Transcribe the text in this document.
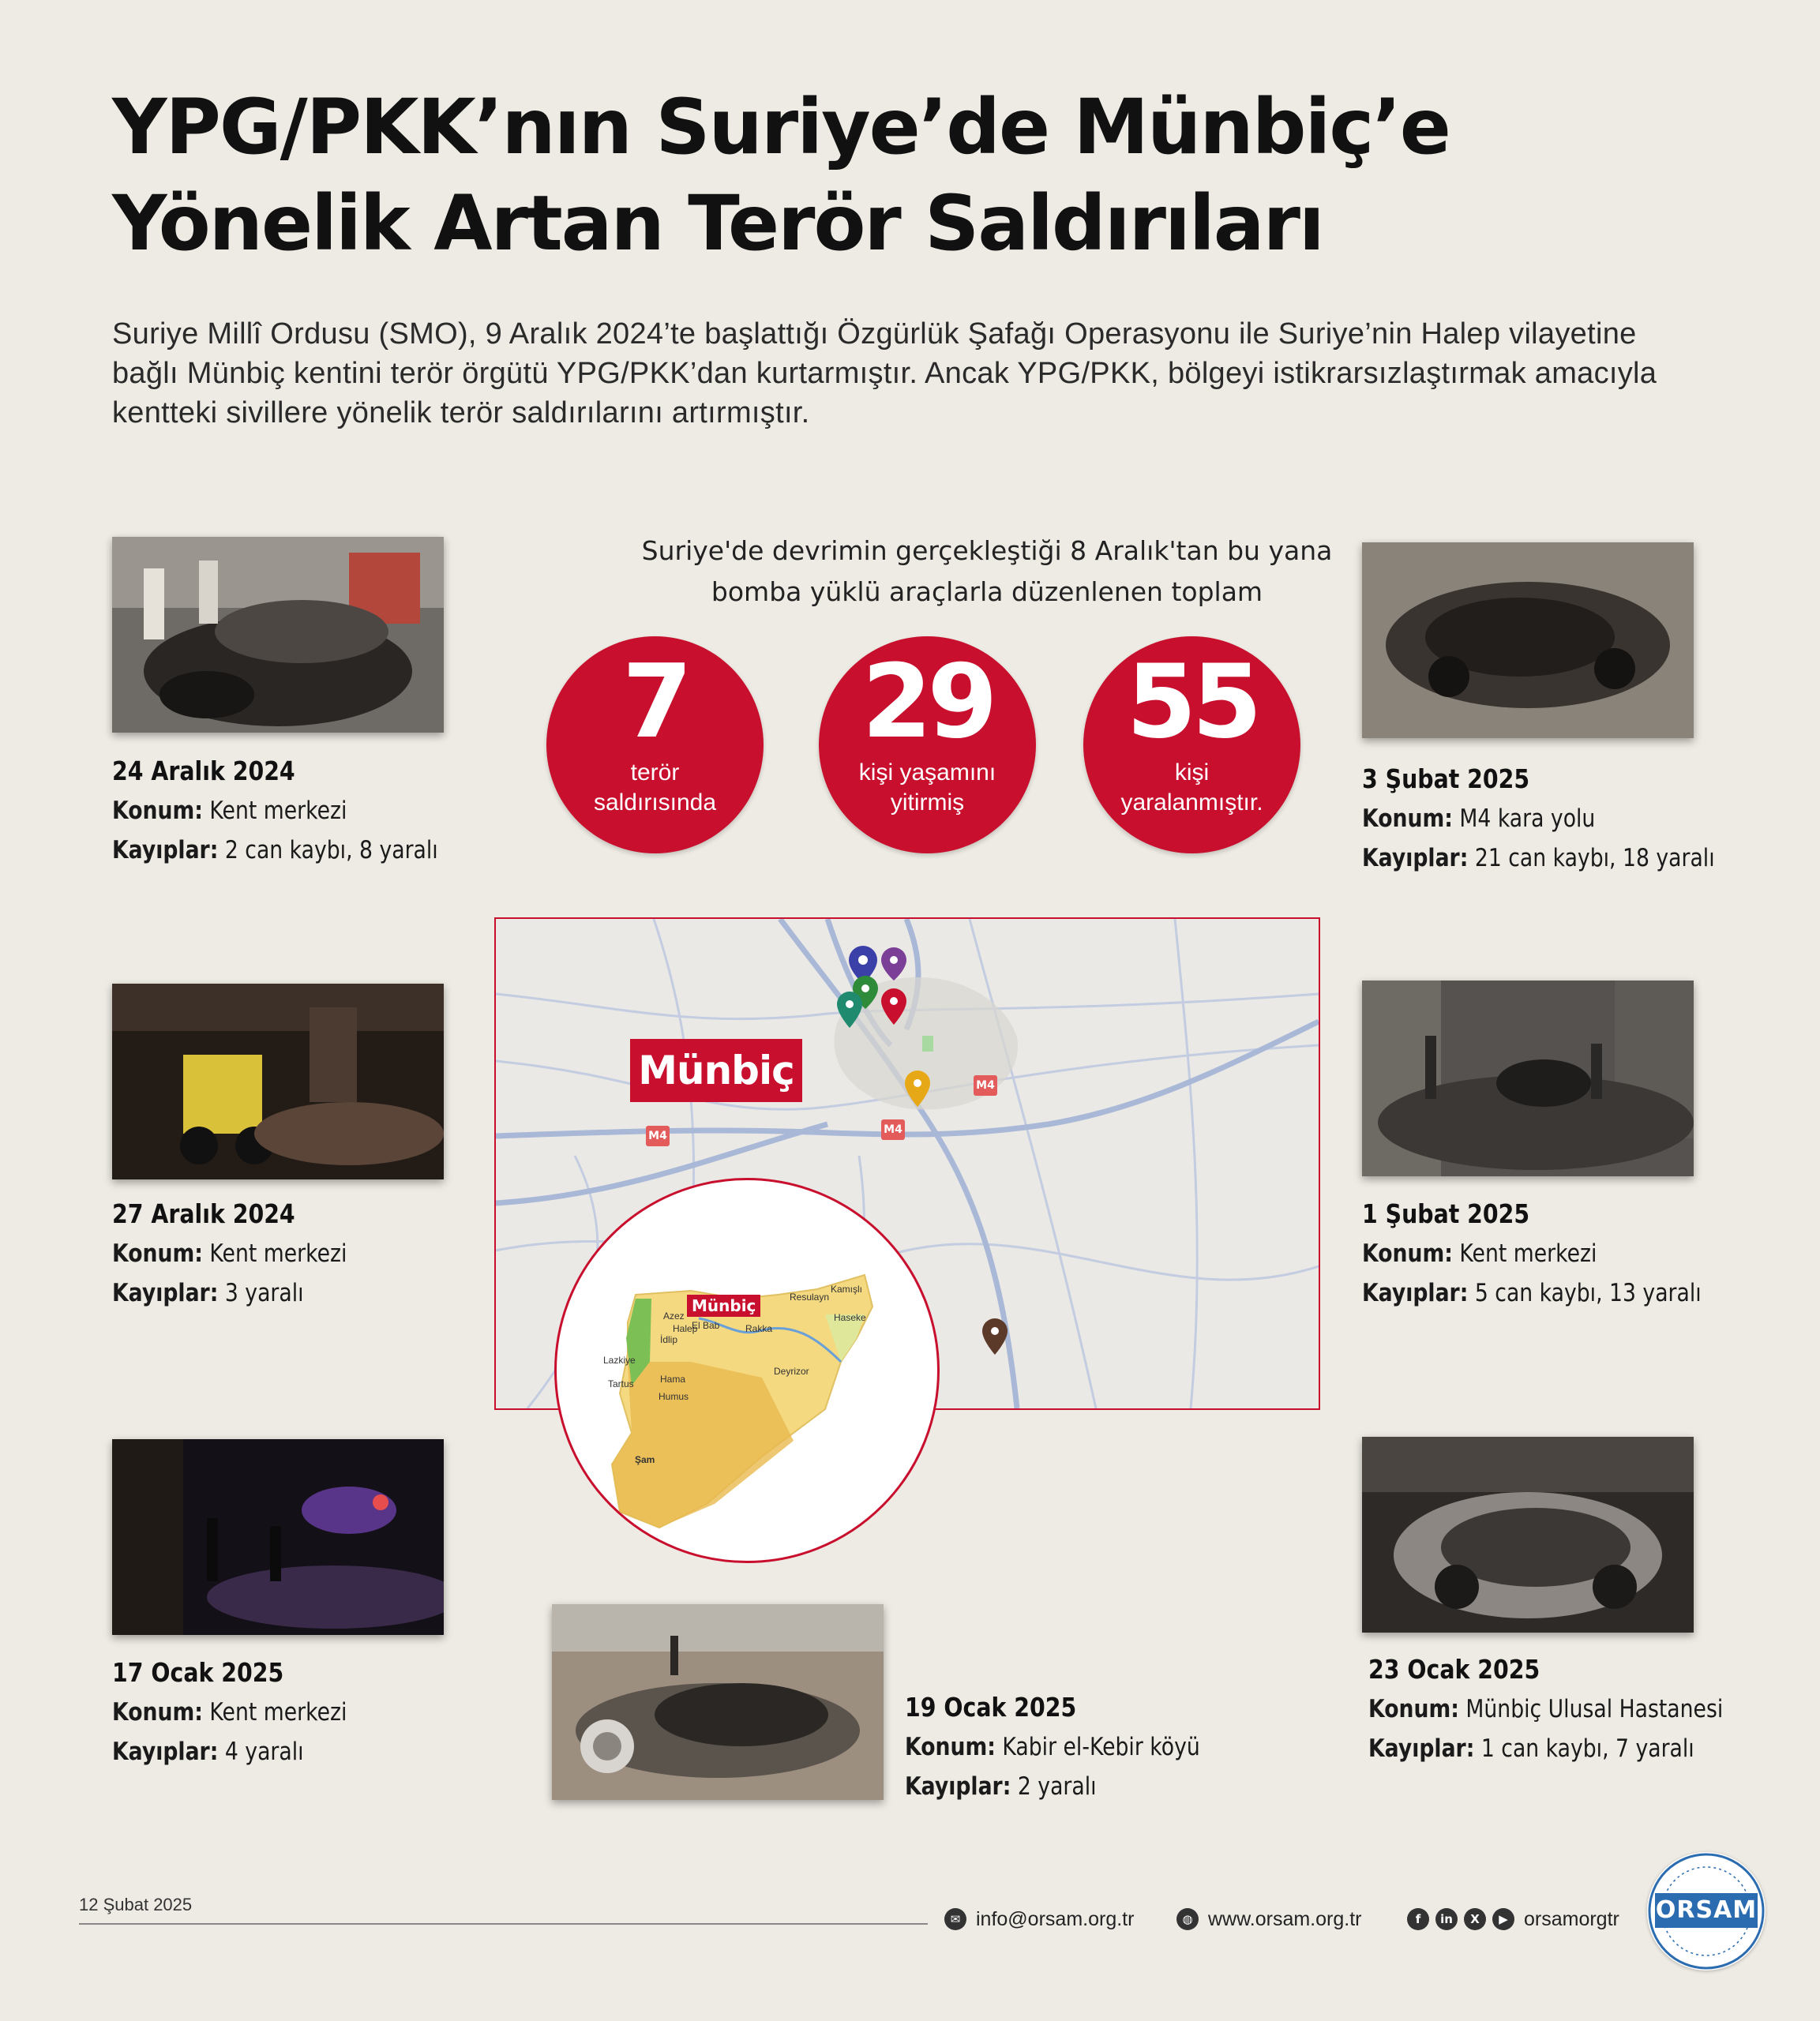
YPG/PKK’nın Suriye’de Münbiç’e
Yönelik Artan Terör Saldırıları

Suriye Millî Ordusu (SMO), 9 Aralık 2024’te başlattığı Özgürlük Şafağı Operasyonu ile Suriye’nin Halep vilayetine bağlı Münbiç kentini terör örgütü YPG/PKK’dan kurtarmıştır. Ancak YPG/PKK, bölgeyi istikrarsızlaştırmak amacıyla kentteki sivillere yönelik terör saldırılarını artırmıştır.

Suriye'de devrimin gerçekleştiği 8 Aralık'tan bu yana
bomba yüklü araçlarla düzenlenen toplam

7
terör saldırısında
29
kişi yaşamını yitirmiş
55
kişi yaralanmıştır.
24 Aralık 2024
Konum: Kent merkezi
Kayıplar: 2 can kaybı, 8 yaralı
27 Aralık 2024
Konum: Kent merkezi
Kayıplar: 3 yaralı
17 Ocak 2025
Konum: Kent merkezi
Kayıplar: 4 yaralı
19 Ocak 2025
Konum: Kabir el-Kebir köyü
Kayıplar: 2 yaralı
23 Ocak 2025
Konum: Münbiç Ulusal Hastanesi
Kayıplar: 1 can kaybı, 7 yaralı
1 Şubat 2025
Konum: Kent merkezi
Kayıplar: 5 can kaybı, 13 yaralı
3 Şubat 2025
Konum: M4 kara yolu
Kayıplar: 21 can kaybı, 18 yaralı
Münbiç
M4	M4
M4
Münbiç
Azez
El Bab
Halep
İdlip
Resulayn
Kamışlı
Haseke
Rakka
Lazkiye
Hama
Tartus
Humus
Deyrizor
Şam

12 Şubat 2025

✉ info@orsam.org.tr	◍ www.orsam.org.tr	f	in	X	▶ orsamorgtr ORSAM
